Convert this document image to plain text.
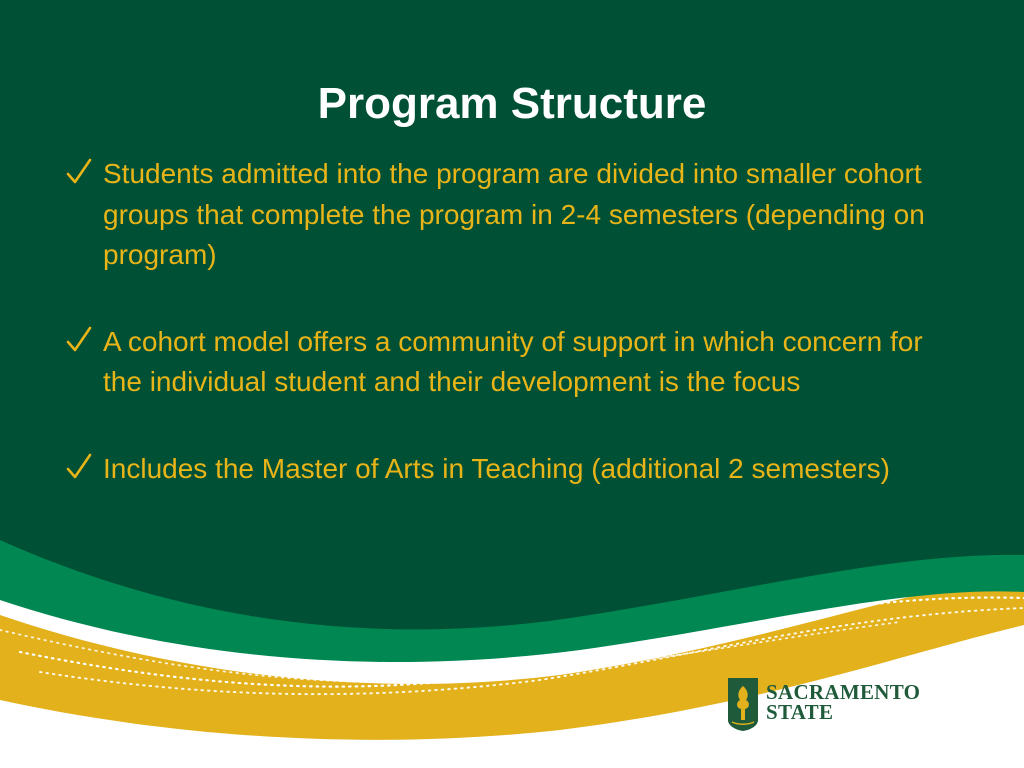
Program Structure
Students admitted into the program are divided into smaller cohort groups that complete the program in 2-4 semesters (depending on program)
A cohort model offers a community of support in which concern for the individual student and their development is the focus
Includes the Master of Arts in Teaching (additional 2 semesters)
SACRAMENTO
STATE
